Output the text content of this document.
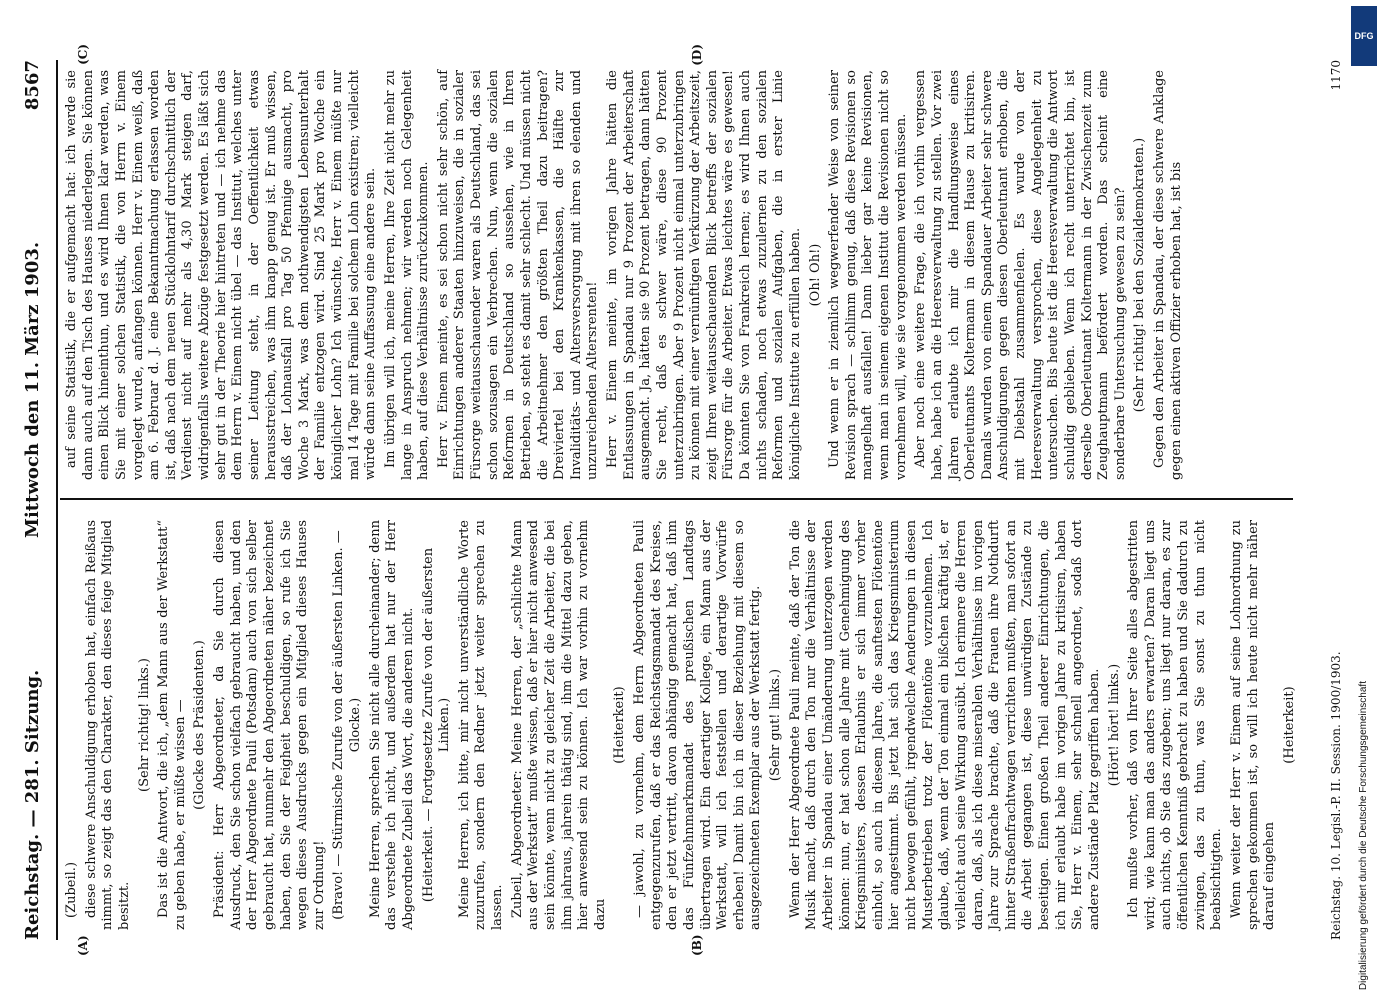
Reichstag. — 281. Sitzung.
Mittwoch den 11. März 1903.
8567
(A)	(B)
(C)	(D)

(Zubeil.) diese schwere Anschuldigung erhoben hat, einfach Reißaus nimmt, so zeigt das den Charakter, den dieses feige Mitglied besitzt.

(Sehr richtig! links.) Das ist die Antwort, die ich, „dem Mann aus der Werkstatt“ zu geben habe, er müßte wissen — (Glocke des Präsidenten.) Präsident: Herr Abgeordneter, da Sie durch diesen Ausdruck, den Sie schon vielfach gebraucht haben, und den der Herr Abgeordnete Pauli (Potsdam) auch von sich selber gebraucht hat, nunmehr den Abgeordneten näher bezeichnet haben, den Sie der Feigheit beschuldigen, so rufe ich Sie wegen dieses Ausdrucks gegen ein Mitglied dieses Hauses zur Ordnung! (Bravo! — Stürmische Zurufe von der äußersten Linken. — Glocke.) Meine Herren, sprechen Sie nicht alle durcheinander; denn das verstehe ich nicht, und außerdem hat nur der Herr Abgeordnete Zubeil das Wort, die anderen nicht. (Heiterkeit. — Fortgesetzte Zurufe von der äußersten Linken.) Meine Herren, ich bitte, mir nicht unverständliche Worte zuzurufen, sondern den Redner jetzt weiter sprechen zu lassen. Zubeil, Abgeordneter: Meine Herren, der „schlichte Mann aus der Werkstatt“ mußte wissen, daß er hier nicht anwesend sein könnte, wenn nicht zu gleicher Zeit die Arbeiter, die bei ihm jahraus, jahrein thätig sind, ihm die Mittel dazu geben, hier anwesend sein zu können. Ich war vorhin zu vornehm dazu

(Heiterkeit) — jawohl, zu vornehm, dem Herrn Abgeordneten Pauli entgegenzurufen, daß er das Reichstagsmandat des Kreises, den er jetzt vertritt, davon abhängig gemacht hat, daß ihm das Fünfzehnmarkmandat des preußischen Landtags übertragen wird. Ein derartiger Kollege, ein Mann aus der Werkstatt, will ich feststellen und derartige Vorwürfe erheben! Damit bin ich in dieser Beziehung mit diesem so ausgezeichneten Exemplar aus der Werkstatt fertig. (Sehr gut! links.) Wenn der Herr Abgeordnete Pauli meinte, daß der Ton die Musik macht, daß durch den Ton nur die Verhältnisse der Arbeiter in Spandau einer Umänderung unterzogen werden können: nun, er hat schon alle Jahre mit Genehmigung des Kriegsministers, dessen Erlaubnis er sich immer vorher einholt, so auch in diesem Jahre, die sanftesten Flötentöne hier angestimmt. Bis jetzt hat sich das Kriegsministerium nicht bewogen gefühlt, irgendwelche Aenderungen in diesen Musterbetrieben trotz der Flötentöne vorzunehmen. Ich glaube, daß, wenn der Ton einmal ein bißchen kräftig ist, er vielleicht auch seine Wirkung ausübt. Ich erinnere die Herren daran, daß, als ich diese miserablen Verhältnisse im vorigen Jahre zur Sprache brachte, daß die Frauen ihre Nothdurft hinter Straßenfrachtwagen verrichten mußten, man sofort an die Arbeit gegangen ist, diese unwürdigen Zustände zu beseitigen. Einen großen Theil anderer Einrichtungen, die ich mir erlaubt habe im vorigen Jahre zu kritisiren, haben Sie, Herr v. Einem, sehr schnell angeordnet, sodaß dort andere Zustände Platz gegriffen haben. (Hört! hört! links.) Ich mußte vorher, daß von Ihrer Seite alles abgestritten wird; wie kann man das anders erwarten? Daran liegt uns auch nichts, ob Sie das zugeben; uns liegt nur daran, es zur öffentlichen Kenntniß gebracht zu haben und Sie dadurch zu zwingen, das zu thun, was Sie sonst zu thun nicht beabsichtigten. Wenn weiter der Herr v. Einem auf seine Lohnordnung zu sprechen gekommen ist, so will ich heute nicht mehr näher darauf eingehen

(Heiterkeit)

auf seine Statistik, die er aufgemacht hat: ich werde sie dann auch auf den Tisch des Hauses niederlegen. Sie können einen Blick hineinthun, und es wird Ihnen klar werden, was Sie mit einer solchen Statistik, die von Herrn v. Einem vorgelegt wurde, anfangen können. Herr v. Einem weiß, daß am 6. Februar d. J. eine Bekanntmachung erlassen worden ist, daß nach dem neuen Stücklohntarif durchschnittlich der Verdienst nicht auf mehr als 4,30 Mark steigen darf, widrigenfalls weitere Abzüge festgesetzt werden. Es läßt sich sehr gut in der Theorie hier hintreten und — ich nehme das dem Herrn v. Einem nicht übel — das Institut, welches unter seiner Leitung steht, in der Oeffentlichkeit etwas herausstreichen, was ihm knapp genug ist. Er muß wissen, daß der Lohnausfall pro Tag 50 Pfennige ausmacht, pro Woche 3 Mark, was dem nothwendigsten Lebensunterhalt der Familie entzogen wird. Sind 25 Mark pro Woche ein königlicher Lohn? Ich wünschte, Herr v. Einem müßte nur mal 14 Tage mit Familie bei solchem Lohn existiren; vielleicht würde dann seine Auffassung eine andere sein. Im übrigen will ich, meine Herren, Ihre Zeit nicht mehr zu lange in Anspruch nehmen; wir werden noch Gelegenheit haben, auf diese Verhältnisse zurückzukommen. Herr v. Einem meinte, es sei schon nicht sehr schön, auf Einrichtungen anderer Staaten hinzuweisen, die in sozialer Fürsorge weitausschauender waren als Deutschland, das sei schon sozusagen ein Verbrechen. Nun, wenn die sozialen Reformen in Deutschland so aussehen, wie in Ihren Betrieben, so steht es damit sehr schlecht. Und müssen nicht die Arbeitnehmer den größten Theil dazu beitragen? Dreiviertel bei den Krankenkassen, die Hälfte zur Invaliditäts- und Altersversorgung mit ihren so elenden und unzureichenden Altersrenten! Herr v. Einem meinte, im vorigen Jahre hätten die Entlassungen in Spandau nur 9 Prozent der Arbeiterschaft ausgemacht. Ja, hätten sie 90 Prozent betragen, dann hätten Sie recht, daß es schwer wäre, diese 90 Prozent unterzubringen. Aber 9 Prozent nicht einmal unterzubringen zu können mit einer vernünftigen Verkürzung der Arbeitszeit, zeigt Ihren weitausschauenden Blick betreffs der sozialen Fürsorge für die Arbeiter. Etwas leichtes wäre es gewesen! Da könnten Sie von Frankreich lernen; es wird Ihnen auch nichts schaden, noch etwas zuzulernen zu den sozialen Reformen und sozialen Aufgaben, die in erster Linie königliche Institute zu erfüllen haben. (Oh! Oh!) Und wenn er in ziemlich wegwerfender Weise von seiner Revision sprach — schlimm genug, daß diese Revisionen so mangelhaft ausfallen! Dann lieber gar keine Revisionen, wenn man in seinem eigenen Institut die Revisionen nicht so vornehmen will, wie sie vorgenommen werden müssen. Aber noch eine weitere Frage, die ich vorhin vergessen habe, habe ich an die Heeresverwaltung zu stellen. Vor zwei Jahren erlaubte ich mir die Handlungsweise eines Oberleutnants Koltermann in diesem Hause zu kritisiren. Damals wurden von einem Spandauer Arbeiter sehr schwere Anschuldigungen gegen diesen Oberleutnant erhoben, die mit Diebstahl zusammenfielen. Es wurde von der Heeresverwaltung versprochen, diese Angelegenheit zu untersuchen. Bis heute ist die Heeresverwaltung die Antwort schuldig geblieben. Wenn ich recht unterrichtet bin, ist derselbe Oberleutnant Koltermann in der Zwischenzeit zum Zeughauptmann befördert worden. Das scheint eine sonderbare Untersuchung gewesen zu sein? (Sehr richtig! bei den Sozialdemokraten.) Gegen den Arbeiter in Spandau, der diese schwere Anklage gegen einen aktiven Offizier erhoben hat, ist bis

Reichstag. 10. Legisl.-P. II. Session. 1900/1903.
1170
DFG
Digitalisierung gefördert durch die Deutsche Forschungsgemeinschaft
